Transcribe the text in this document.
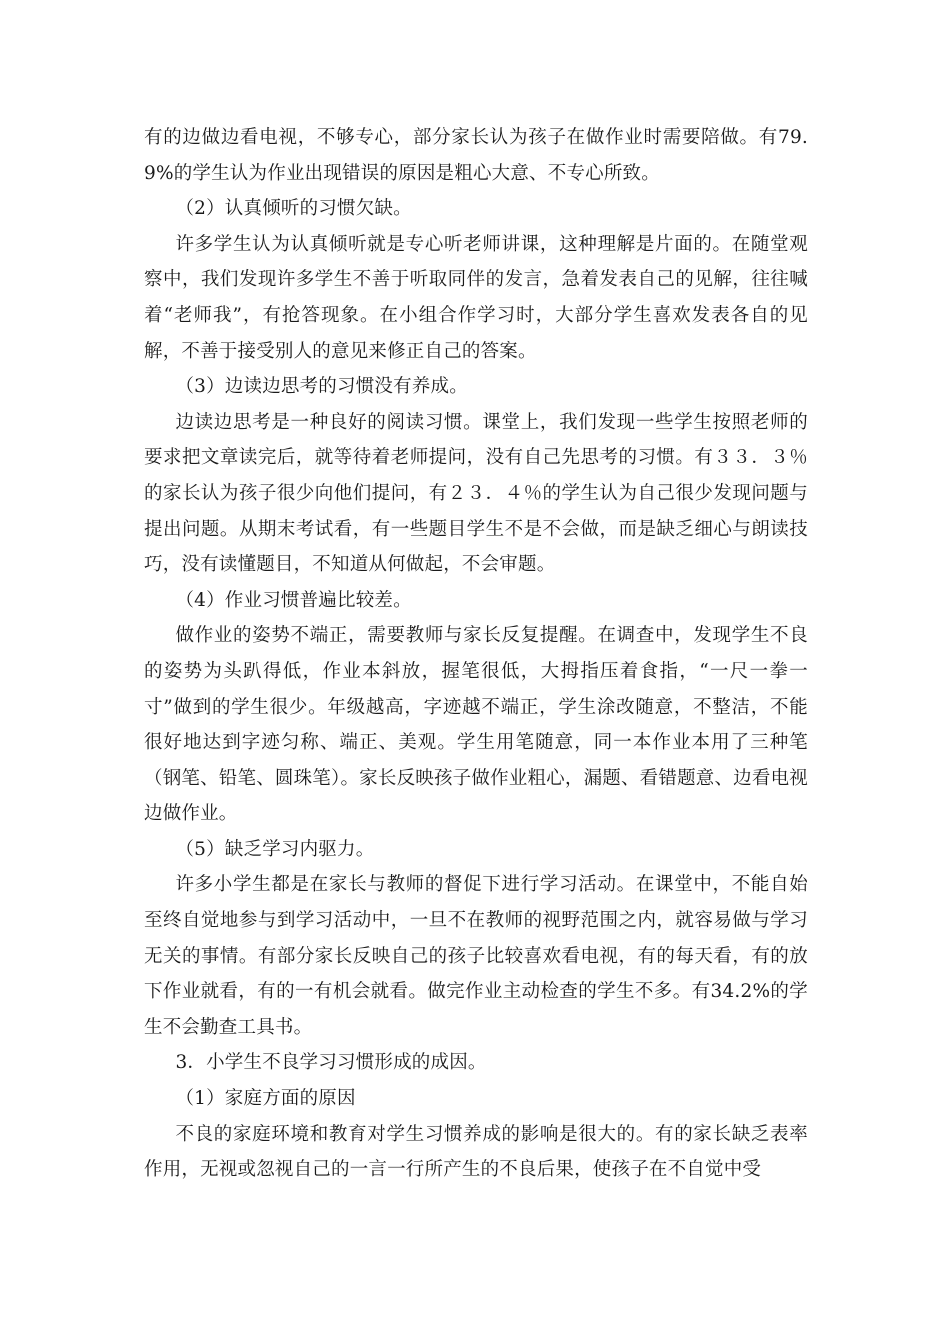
有的边做边看电视，不够专心，部分家长认为孩子在做作业时需要陪做。有79.9%的学生认为作业出现错误的原因是粗心大意、不专心所致。

（2）认真倾听的习惯欠缺。

许多学生认为认真倾听就是专心听老师讲课，这种理解是片面的。在随堂观察中，我们发现许多学生不善于听取同伴的发言，急着发表自己的见解，往往喊着“老师我”，有抢答现象。在小组合作学习时，大部分学生喜欢发表各自的见解，不善于接受别人的意见来修正自己的答案。

（3）边读边思考的习惯没有养成。

边读边思考是一种良好的阅读习惯。课堂上，我们发现一些学生按照老师的要求把文章读完后，就等待着老师提问，没有自己先思考的习惯。有３３．３％的家长认为孩子很少向他们提问，有２３．４％的学生认为自己很少发现问题与提出问题。从期末考试看，有一些题目学生不是不会做，而是缺乏细心与朗读技巧，没有读懂题目，不知道从何做起，不会审题。

（4）作业习惯普遍比较差。

做作业的姿势不端正，需要教师与家长反复提醒。在调查中，发现学生不良的姿势为头趴得低，作业本斜放，握笔很低，大拇指压着食指，“一尺一拳一寸”做到的学生很少。年级越高，字迹越不端正，学生涂改随意，不整洁，不能很好地达到字迹匀称、端正、美观。学生用笔随意，同一本作业本用了三种笔（钢笔、铅笔、圆珠笔）。家长反映孩子做作业粗心，漏题、看错题意、边看电视边做作业。

（5）缺乏学习内驱力。

许多小学生都是在家长与教师的督促下进行学习活动。在课堂中，不能自始至终自觉地参与到学习活动中，一旦不在教师的视野范围之内，就容易做与学习无关的事情。有部分家长反映自己的孩子比较喜欢看电视，有的每天看，有的放下作业就看，有的一有机会就看。做完作业主动检查的学生不多。有34.2%的学生不会勤查工具书。

3．小学生不良学习习惯形成的成因。

（1）家庭方面的原因

不良的家庭环境和教育对学生习惯养成的影响是很大的。有的家长缺乏表率作用，无视或忽视自己的一言一行所产生的不良后果，使孩子在不自觉中受
